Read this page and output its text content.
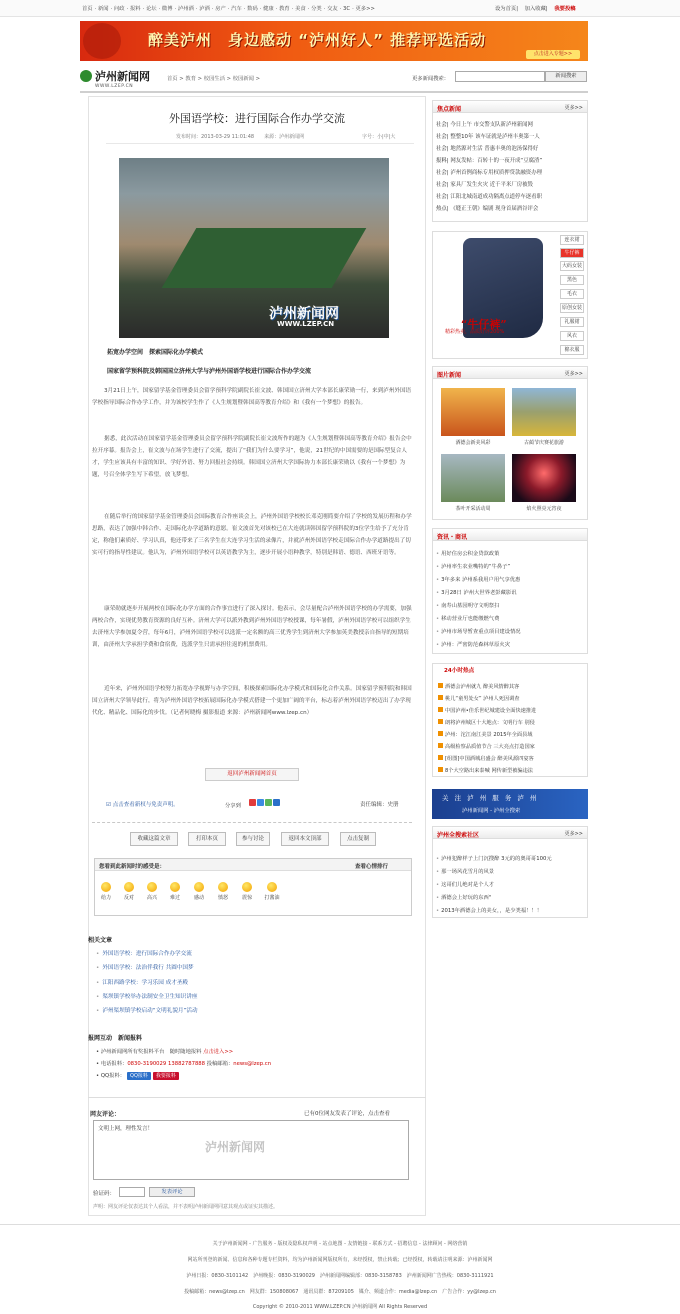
首页 · 新闻 · 问政 · 报料 · 论坛 · 微博 · 泸州酒 · 泸酒 · 房产 · 汽车 · 数码 · 健康 · 教育 · 美食 · 分类 · 交友 · 3C · 更多>>	设为首页| 加入收藏| 我要投稿
醉美泸州　身边感动 “泸州好人” 推荐评选活动
点击进入专题>>
泸州新闻网
WWW.LZEP.CN
首页 > 教育 > 校园生活 > 校园新闻 >	更多新闻搜索：	新闻搜索
外国语学校：进行国际合作办学交流
发布时间：2013-03-29 11:01:48　　来源：泸州新闻网	字号：小|中|大
泸州新闻网
WWW.LZEP.CN
拓宽办学空间　探索国际化办学模式
国家留学预科院及韩国国立济州大学与泸州外国语学校进行国际合作办学交流
3月21日上午，国家留学基金管理委员会留学预科学院副院长崔文波、韩国国立济州大学本部长康荣勋一行，来到泸州外国语学校指导国际合作办学工作，并为该校学生作了《人生规划暨韩国高等教育介绍》和《我有一个梦想》的报告。
据悉，此次活动在国家留学基金管理委员会留学预科学院副院长崔文波所作的题为《人生规划暨韩国高等教育介绍》报告会中拉开序幕。报告会上，崔文波与在场学生进行了交流，提出了“我们为什么要学习”，他说，21世纪的中国需要的是国际型复合人才，学生应该具有丰富的知识、学好外语、努力回报社会持续。韩国国立济州大学国际协力本部长康荣勋以《我有一个梦想》为题，号召全体学生写下希望，放飞梦想。
在随后举行的国家留学基金管理委员会国际教育合作座谈会上，泸州外国语学校校长邓克刚简要介绍了学校的发展历程和办学思路，表达了加强中韩合作、走国际化办学道路的意愿。崔文波首先对该校已在大连就读韩国留学预科院的3位学生给予了充分肯定，称他们素质好、学习认真，他还带来了三名学生在大连学习生活的录像片，并就泸州外国语学校走国际合作办学道路提出了切实可行的指导性建议。他认为，泸州外国语学校可以英语教学为主，逐步开展小语种教学，特别是韩语、德语、西班牙语等。
康荣勋就逐步开展两校在国际化办学方面的合作事宜进行了深入探讨。他表示，会尽量配合泸州外国语学校的办学需要，加强两校合作，实现优势教育资源的良好互补。济州大学可以派外教到泸州外国语学校授课，每年暑假，泸州外国语学校可以组织学生去济州大学参加夏令营，每年6月，泸州外国语学校可以选派一定名额的高三优秀学生到济州大学参加英美教授亲自指导的短期培训，由济州大学承担学费和食宿费，选派学生只需承担往返的机票费用。
近年来，泸州外国语学校努力拓宽办学视野与办学空间，积极探索国际化办学模式和国际化合作关系。国家留学预科院和韩国国立济州大学领导此行，将为泸州外国语学校拓展国际化办学模式搭建一个更加广阔的平台，标志着泸州外国语学校迈出了办学现代化、精品化、国际化的步伐。（记者何晓梅 摄影报道 来源：泸州新闻网www.lzep.cn）
返回泸州新闻网首页
☑ 点击查看新权与免责声明。	分享到	责任编辑：史册
收藏这篇文章	打印本页	参与讨论	返回本文顶部	点击复制
您看到此新闻时的感受是：	查看心情排行
给力	反对	高兴	难过	感动	愤怒	震惊	打酱油
相关文章
• 外国语学校：进行国际合作办学交流
• 外国语学校：法治伴我行 共圆中国梦
• 江阳西路学校：学习乐园 成才圣殿
• 渠坝镇学校举办法制安全卫生知识讲座
• 泸州渠坝镇学校启动“文明礼貌月”活动
报网互动　新闻报料
• 泸州新闻网所有奖报料平台　随时随地报料 点击进入>>
• 电话报料：0830-3190029 13882787888 投稿邮箱：news@lzep.cn
• QQ报料： QQ报料 我要报料
网友评论：	已有0位网友发表了评论，点击查看
文明上网，理性发言！
泸州新闻网
验证码：	发表评论
声明：网友评论仅表达其个人看法，并不表明泸州新闻网同意其观点或证实其描述。
焦点新闻	更多>>
社会| 今日上午 市交警支队新泸州新闻网
社会| 整整10年 该车证就是泸州丰奥第一人
社会| 地然源对生活 普惠丰奥的泡汤保得好
报料| 网友发帖：百转十的一夜开成“豆腐渣”
社会| 泸州首例商标专用权质押贷款融资办理
社会| 家具厂发生火灾 近千平米厂房被毁
社会| 江阳北城南道成功隔离点道停车逐看职
热点| 《缝正王朝》编剧 现身首届酒谷评会
“牛仔裤”
精彩热卖，品质好评200%
连衣裙
牛仔裤
大码女装
黑色
毛衣
原创女装
礼服裙
风衣
棉衣服
图片新闻	更多>>
酒德会新美风彩	古蔺节庆赛花旅游
茶叶开采活动周	焰火照亮元宵夜
资讯・商讯
• 用好住房公积金贷款政策
• 泸州率生农业嘴特的“牛鼻子”
• 3年多来 泸州系我用户用气享优惠
• 3月28日 泸州大世界老彭藏影讯
• 南寿山墓园明守文明祭扫
• 移动营业厅也能缴燃气费
• 泸州市场导暂查重点项目建设情况
• 泸州：严密防范森林草原火灾
24小时热点
酒德会泸州就九 醉美风情醉其客
桃儿“童男处女” 泸州人死因调查
中国泸州•佳乐世纪城建设全面快速推进
朗将泸州城区十大地点：文明行车 别侵
泸州：沱江南江美景 2015年全面县域
高级检察品质值节合 三大亮点打造国家
[组图]中国酒城启盛会 醉美风源四宴客
8个大空路出来泰喊 网传新型被骗违法
关 注 泸 州 服 务 泸 州
泸州新闻网 - 泸州全搜索
泸州全搜索社区	更多>>
• 泸州犯醉样子上门沉搜醉 3元的的奥哥哥100元
• 那一场风花雪月的风景
• 这哥们儿绝对是个人才
• 酒德会上好玩的东西"
• 2013年酒德会上的美女，，是少类福！！！
关于泸州新闻网 - 广告服务 - 版权及隐私权声明 - 站点地图 - 友情链接 - 联系方式 - 招聘信息 - 法律顾问 - 网络营销
网站所刊登的新闻、信息和各种专题专栏资料，均为泸州新闻网版权所有，未经授权，禁止转载；已经授权，转载请注明来源：泸州新闻网
泸州日报：0830-3101142　泸州晚报：0830-3190029　泸州新闻网编辑部：0830-3158783　泸州新闻网广告热线：0830-3111921
投稿邮箱：news@lzep.cn　网友群：150808067　通讯员群：87209105　媒介、频道合作：media@lzep.cn　广告合作：yy@lzep.cn
Copyright © 2010-2011 WWW.LZEP.CN 泸州新闻网 All Rights Reserved
